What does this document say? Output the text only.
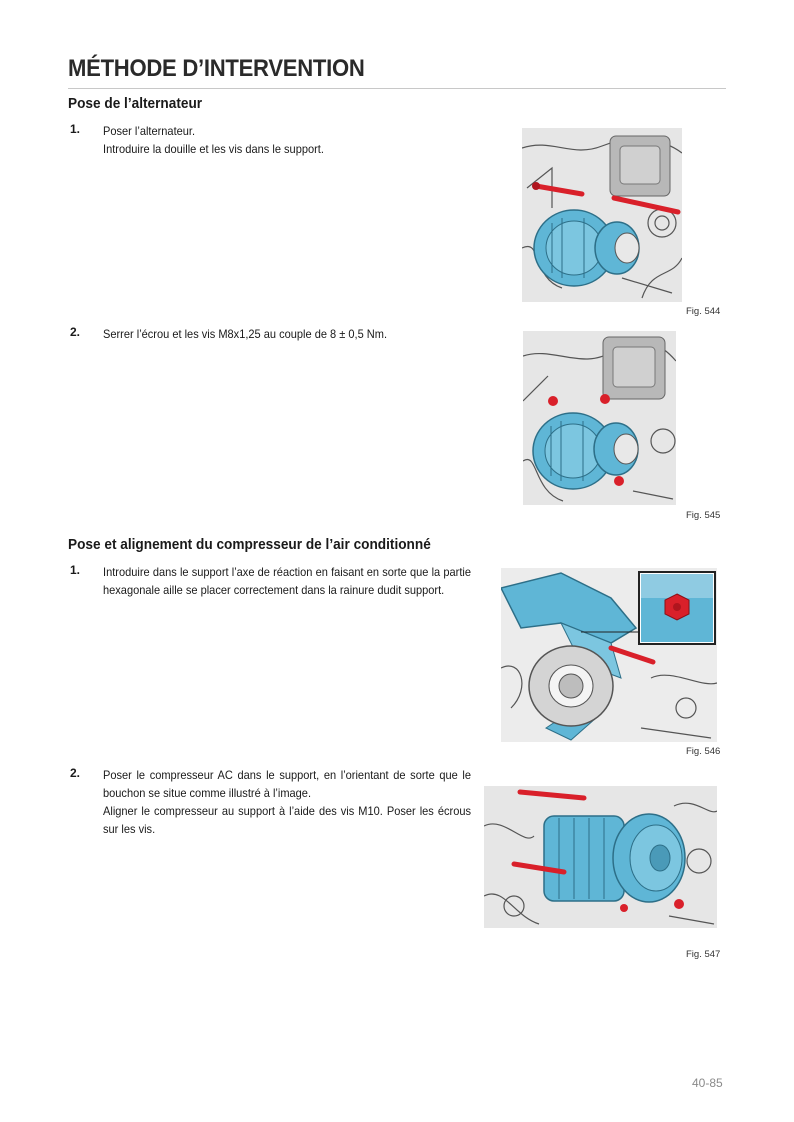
MÉTHODE D’INTERVENTION
Pose de l’alternateur
1. Poser l’alternateur.

Introduire la douille et les vis dans le support.

Fig. 544
2. Serrer l’écrou et les vis M8x1,25 au couple de 8 ± 0,5 Nm.

Fig. 545
Pose et alignement du compresseur de l’air conditionné
1. Introduire dans le support l’axe de réaction en faisant en sorte que la partie hexagonale aille se placer correctement dans la rainure dudit support.

Fig. 546
2. Poser le compresseur AC dans le support, en l’orientant de sorte que le bouchon se situe comme illustré à l’image.

Aligner le compresseur au support à l’aide des vis M10. Poser les écrous sur les vis.

Fig. 547
40-85
